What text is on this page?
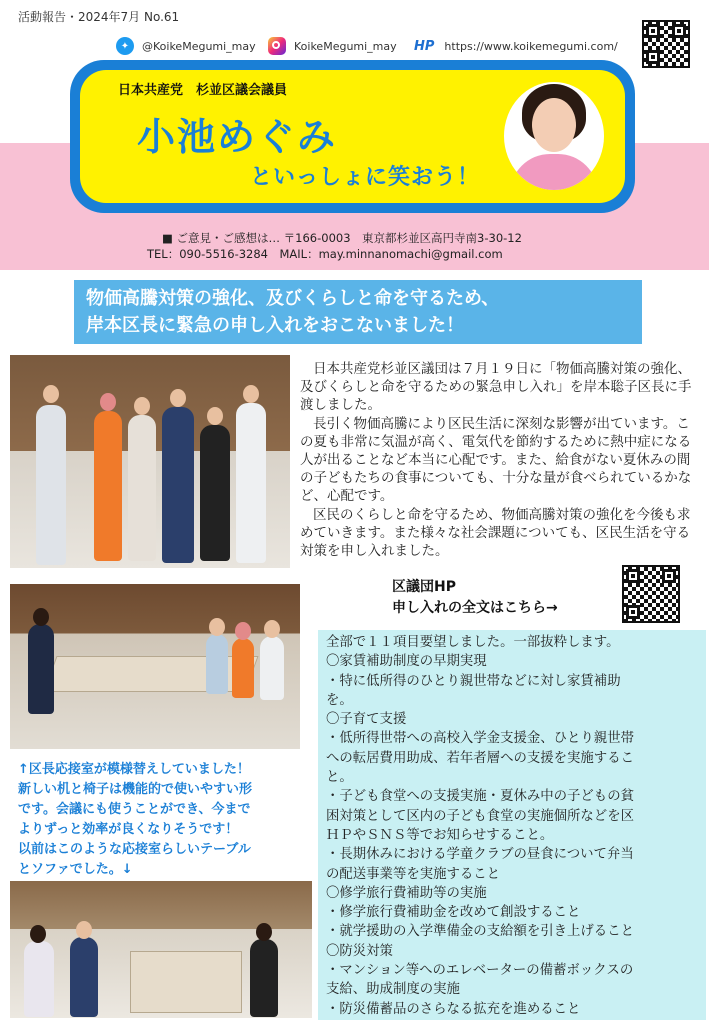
活動報告・2024年7月 No.61
✦	@KoikeMegumi_may	KoikeMegumi_may HP https://www.koikemegumi.com/
日本共産党　杉並区議会議員
小池めぐみ
といっしょに笑おう！
■ ご意見・ご感想は… 〒166-0003　東京都杉並区高円寺南3-30-12
TEL：090-5516-3284　MAIL：may.minnanomachi@gmail.com
物価高騰対策の強化、及びくらしと命を守るため、
岸本区長に緊急の申し入れをおこないました！

日本共産党杉並区議団は７月１９日に「物価高騰対策の強化、及びくらしと命を守るための緊急申し入れ」を岸本聡子区長に手渡しました。

長引く物価高騰により区民生活に深刻な影響が出ています。この夏も非常に気温が高く、電気代を節約するために熱中症になる人が出ることなど本当に心配です。また、給食がない夏休みの間の子どもたちの食事についても、十分な量が食べられているかなど、心配です。

区民のくらしと命を守るため、物価高騰対策の強化を今後も求めていきます。また様々な社会課題についても、区民生活を守る対策を申し入れました。

区議団HP
申し入れの全文はこちら→
↑区長応接室が模様替えしていました！
新しい机と椅子は機能的で使いやすい形
です。会議にも使うことができ、今まで
よりずっと効率が良くなりそうです！
以前はこのような応接室らしいテーブル
とソファでした。↓
全部で１１項目要望しました。一部抜粋します。
〇家賃補助制度の早期実現
・特に低所得のひとり親世帯などに対し家賃補助
を。
〇子育て支援
・低所得世帯への高校入学金支援金、ひとり親世帯
への転居費用助成、若年者層への支援を実施するこ
と。
・子ども食堂への支援実施・夏休み中の子どもの貧
困対策として区内の子ども食堂の実施個所などを区
ＨＰやＳＮＳ等でお知らせすること。
・長期休みにおける学童クラブの昼食について弁当
の配送事業等を実施すること
〇修学旅行費補助等の実施
・修学旅行費補助金を改めて創設すること
・就学援助の入学準備金の支給額を引き上げること
〇防災対策
・マンション等へのエレベーターの備蓄ボックスの
支給、助成制度の実施
・防災備蓄品のさらなる拡充を進めること
